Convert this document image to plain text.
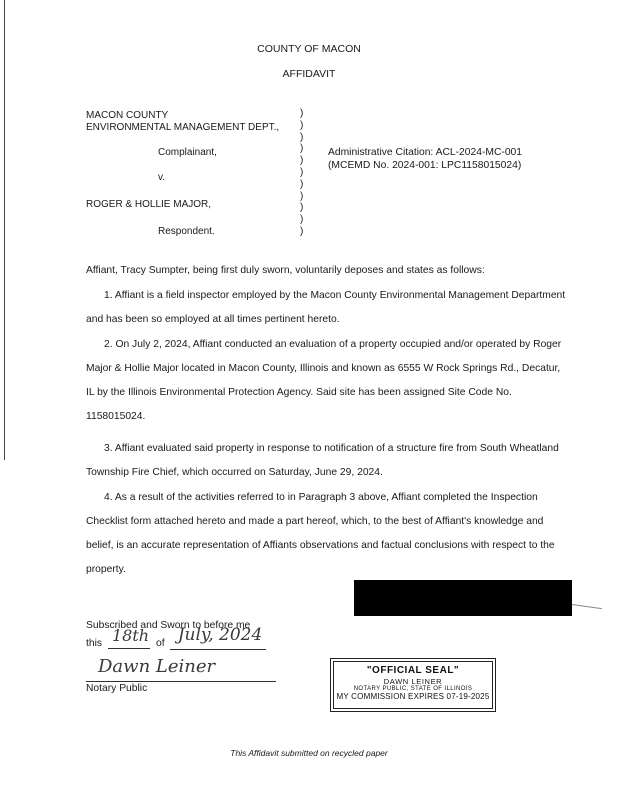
COUNTY OF MACON
AFFIDAVIT
MACON COUNTY
ENVIRONMENTAL MANAGEMENT DEPT.,
Complainant,
v.
ROGER & HOLLIE MAJOR,
Respondent.
)
)
)
)
)
)
)
)
)
)
)
Administrative Citation: ACL-2024-MC-001
(MCEMD No. 2024-001: LPC1158015024)
Affiant, Tracy Sumpter, being first duly sworn, voluntarily deposes and states as follows:
1. Affiant is a field inspector employed by the Macon County Environmental Management Department and has been so employed at all times pertinent hereto.
2. On July 2, 2024, Affiant conducted an evaluation of a property occupied and/or operated by Roger Major & Hollie Major located in Macon County, Illinois and known as 6555 W Rock Springs Rd., Decatur, IL by the Illinois Environmental Protection Agency. Said site has been assigned Site Code No. 1158015024.
3. Affiant evaluated said property in response to notification of a structure fire from South Wheatland Township Fire Chief, which occurred on Saturday, June 29, 2024.
4. As a result of the activities referred to in Paragraph 3 above, Affiant completed the Inspection Checklist form attached hereto and made a part hereof, which, to the best of Affiant's knowledge and belief, is an accurate representation of Affiants observations and factual conclusions with respect to the property.
Subscribed and Sworn to before me
this 18th of July, 2024
Dawn Leiner
Notary Public
"OFFICIAL SEAL"
DAWN LEINER
NOTARY PUBLIC, STATE OF ILLINOIS
MY COMMISSION EXPIRES 07-19-2025
This Affidavit submitted on recycled paper
